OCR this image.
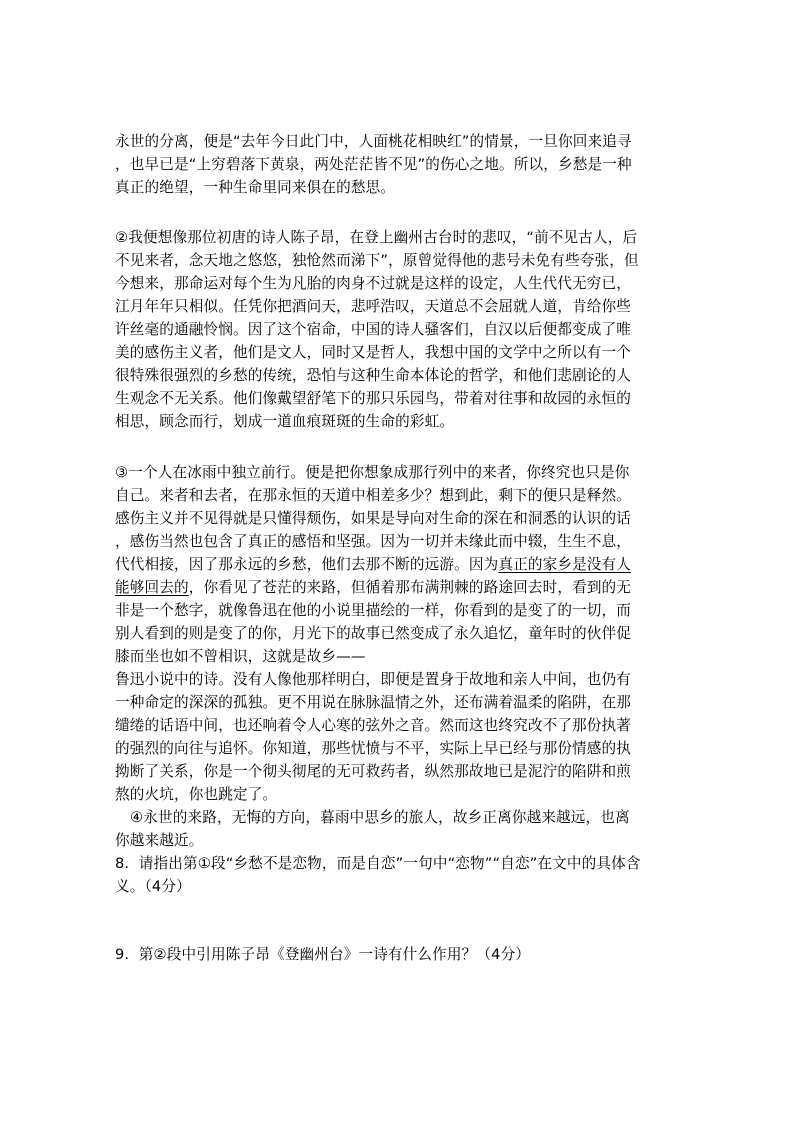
永世的分离，便是“去年今日此门中，人面桃花相映红”的情景，一旦你回来追寻
，也早已是“上穷碧落下黄泉，两处茫茫皆不见”的伤心之地。所以，乡愁是一种
真正的绝望，一种生命里同来俱在的愁思。
②我便想像那位初唐的诗人陈子昂，在登上幽州古台时的悲叹，“前不见古人，后
不见来者，念天地之悠悠，独怆然而涕下”，原曾觉得他的悲号未免有些夸张，但
今想来，那命运对每个生为凡胎的肉身不过就是这样的设定，人生代代无穷已，
江月年年只相似。任凭你把酒问天，悲呼浩叹，天道总不会屈就人道，肯给你些
许丝毫的通融怜悯。因了这个宿命，中国的诗人骚客们，自汉以后便都变成了唯
美的感伤主义者，他们是文人，同时又是哲人，我想中国的文学中之所以有一个
很特殊很强烈的乡愁的传统，恐怕与这种生命本体论的哲学，和他们悲剧论的人
生观念不无关系。他们像戴望舒笔下的那只乐园鸟，带着对往事和故园的永恒的
相思，顾念而行，划成一道血痕斑斑的生命的彩虹。
③一个人在冰雨中独立前行。便是把你想象成那行列中的来者，你终究也只是你
自己。来者和去者，在那永恒的天道中相差多少？想到此，剩下的便只是释然。
感伤主义并不见得就是只懂得颓伤，如果是导向对生命的深在和洞悉的认识的话
，感伤当然也包含了真正的感悟和坚强。因为一切并未缘此而中辍，生生不息，
代代相接，因了那永远的乡愁，他们去那不断的远游。因为真正的家乡是没有人
能够回去的，你看见了苍茫的来路，但循着那布满荆棘的路途回去时，看到的无
非是一个愁字，就像鲁迅在他的小说里描绘的一样，你看到的是变了的一切，而
别人看到的则是变了的你，月光下的故事已然变成了永久追忆，童年时的伙伴促
膝而坐也如不曾相识，这就是故乡——
鲁迅小说中的诗。没有人像他那样明白，即便是置身于故地和亲人中间，也仍有
一种命定的深深的孤独。更不用说在脉脉温情之外，还布满着温柔的陷阱，在那
缱绻的话语中间，也还响着令人心寒的弦外之音。然而这也终究改不了那份执著
的强烈的向往与追怀。你知道，那些忧愤与不平，实际上早已经与那份情感的执
拗断了关系，你是一个彻头彻尾的无可救药者，纵然那故地已是泥泞的陷阱和煎
熬的火坑，你也跳定了。
④永世的来路，无悔的方向，暮雨中思乡的旅人，故乡正离你越来越远，也离
你越来越近。
8.  请指出第①段“乡愁不是恋物，而是自恋”一句中“恋物”“自恋”在文中的具体含
义。（4分）
9.  第②段中引用陈子昂《登幽州台》一诗有什么作用？（4分）
